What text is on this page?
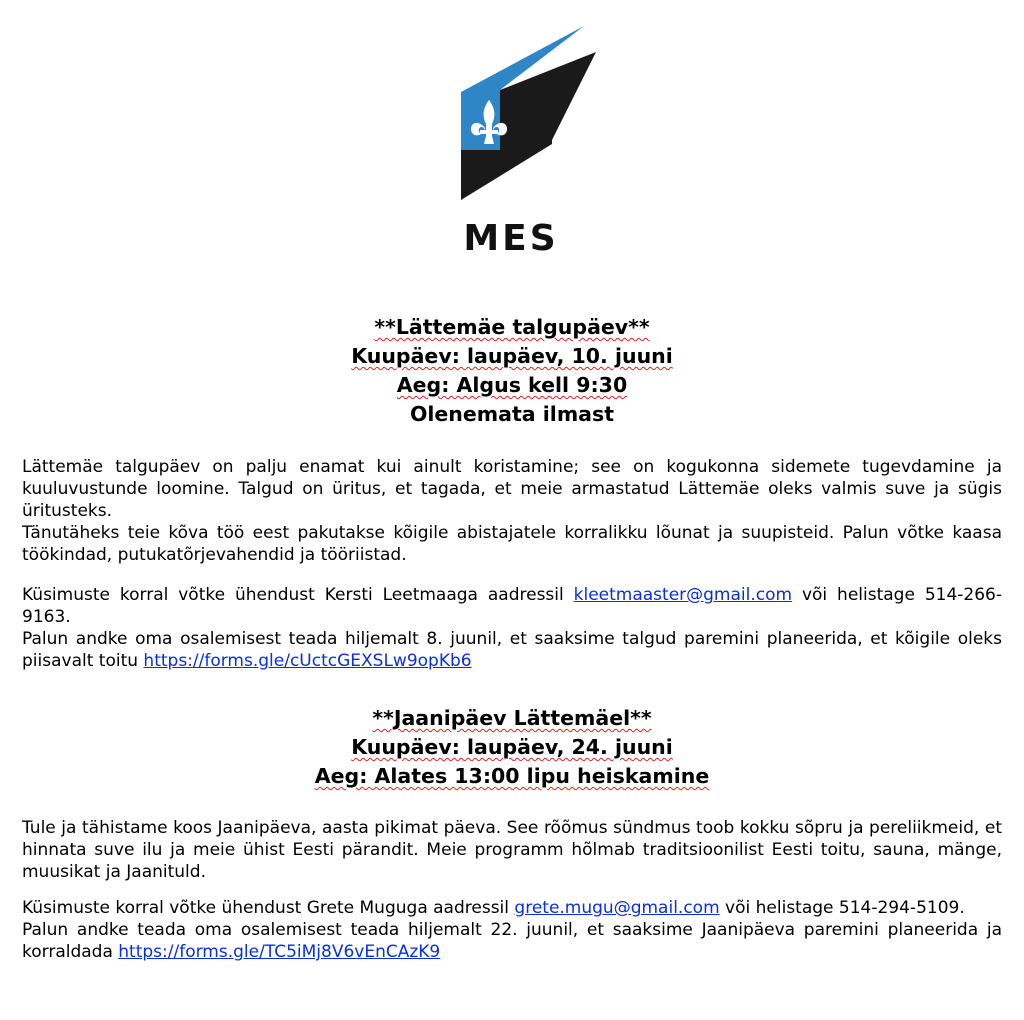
MES
**Lättemäe talgupäev**
Kuupäev: laupäev, 10. juuni
Aeg: Algus kell 9:30
Olenemata ilmast
Lättemäe talgupäev on palju enamat kui ainult koristamine; see on kogukonna sidemete tugevdamine ja kuuluvustunde loomine. Talgud on üritus, et tagada, et meie armastatud Lättemäe oleks valmis suve ja sügis üritusteks.
Tänutäheks teie kõva töö eest pakutakse kõigile abistajatele korralikku lõunat ja suupisteid. Palun võtke kaasa töökindad, putukatõrjevahendid ja tööriistad.
Küsimuste korral võtke ühendust Kersti Leetmaaga aadressil kleetmaaster@gmail.com või helistage 514-266-9163.
Palun andke oma osalemisest teada hiljemalt 8. juunil, et saaksime talgud paremini planeerida, et kõigile oleks piisavalt toitu https://forms.gle/cUctcGEXSLw9opKb6
**Jaanipäev Lättemäel**
Kuupäev: laupäev, 24. juuni
Aeg: Alates 13:00 lipu heiskamine
Tule ja tähistame koos Jaanipäeva, aasta pikimat päeva. See rõõmus sündmus toob kokku sõpru ja pereliikmeid, et hinnata suve ilu ja meie ühist Eesti pärandit. Meie programm hõlmab traditsioonilist Eesti toitu, sauna, mänge, muusikat ja Jaanituld.
Küsimuste korral võtke ühendust Grete Muguga aadressil grete.mugu@gmail.com või helistage 514-294-5109.
Palun andke teada oma osalemisest teada hiljemalt 22. juunil, et saaksime Jaanipäeva paremini planeerida ja korraldada https://forms.gle/TC5iMj8V6vEnCAzK9
